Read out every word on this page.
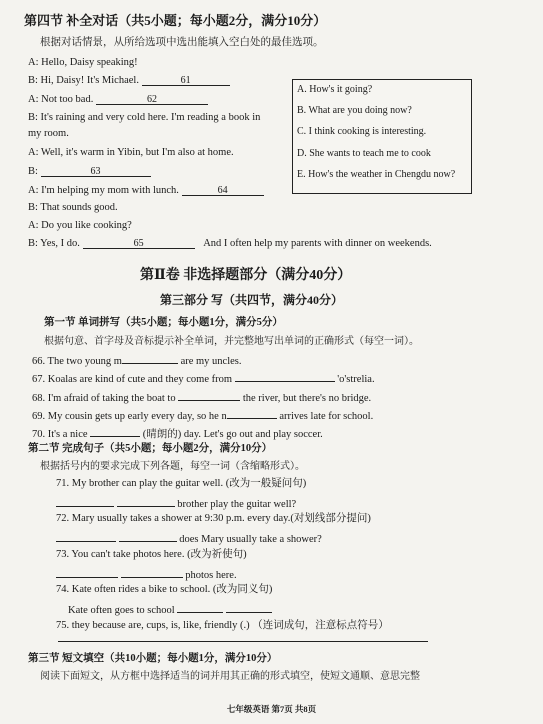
第四节 补全对话（共5小题；每小题2分，满分10分）
根据对话情景，从所给选项中选出能填入空白处的最佳选项。
A: Hello, Daisy speaking!
B: Hi, Daisy! It's Michael.	61
A: Not too bad.	62
B: It's raining and very cold here. I'm reading a book in
my room.
A: Well, it's warm in Yibin, but I'm also at home.
B:	63
A: I'm helping my mom with lunch.	64
B: That sounds good.
A: Do you like cooking?
B: Yes, I do.	65	And I often help my parents with dinner on weekends.
A. How's it going?
B. What are you doing now?
C. I think cooking is interesting.
D. She wants to teach me to cook
E. How's the weather in Chengdu now?
第Ⅱ卷 非选择题部分（满分40分）
第三部分 写（共四节，满分40分）
第一节 单词拼写（共5小题；每小题1分，满分5分）
根据句意、首字母及音标提示补全单词，并完整地写出单词的正确形式（每空一词）。
66. The two young m	are my uncles.
67. Koalas are kind of cute and they come from	'o'strelia.
68. I'm afraid of taking the boat to	the river, but there's no bridge.
69. My cousin gets up early every day, so he n	arrives late for school.
70. It's a nice	(晴朗的) day. Let's go out and play soccer.
第二节 完成句子（共5小题；每小题2分，满分10分）
根据括号内的要求完成下列各题，每空一词（含缩略形式）。
71. My brother can play the guitar well. (改为一般疑问句)
brother play the guitar well?
72. Mary usually takes a shower at 9:30 p.m. every day.(对划线部分提问)
does Mary usually take a shower?
73. You can't take photos here. (改为祈使句)
photos here.
74. Kate often rides a bike to school. (改为同义句)
Kate often goes to school
75. they because are, cups, is, like, friendly (.) （连词成句，注意标点符号）
第三节 短文填空（共10小题；每小题1分，满分10分）
阅读下面短文，从方框中选择适当的词并用其正确的形式填空，使短文通顺、意思完整
七年级英语 第7页 共8页
